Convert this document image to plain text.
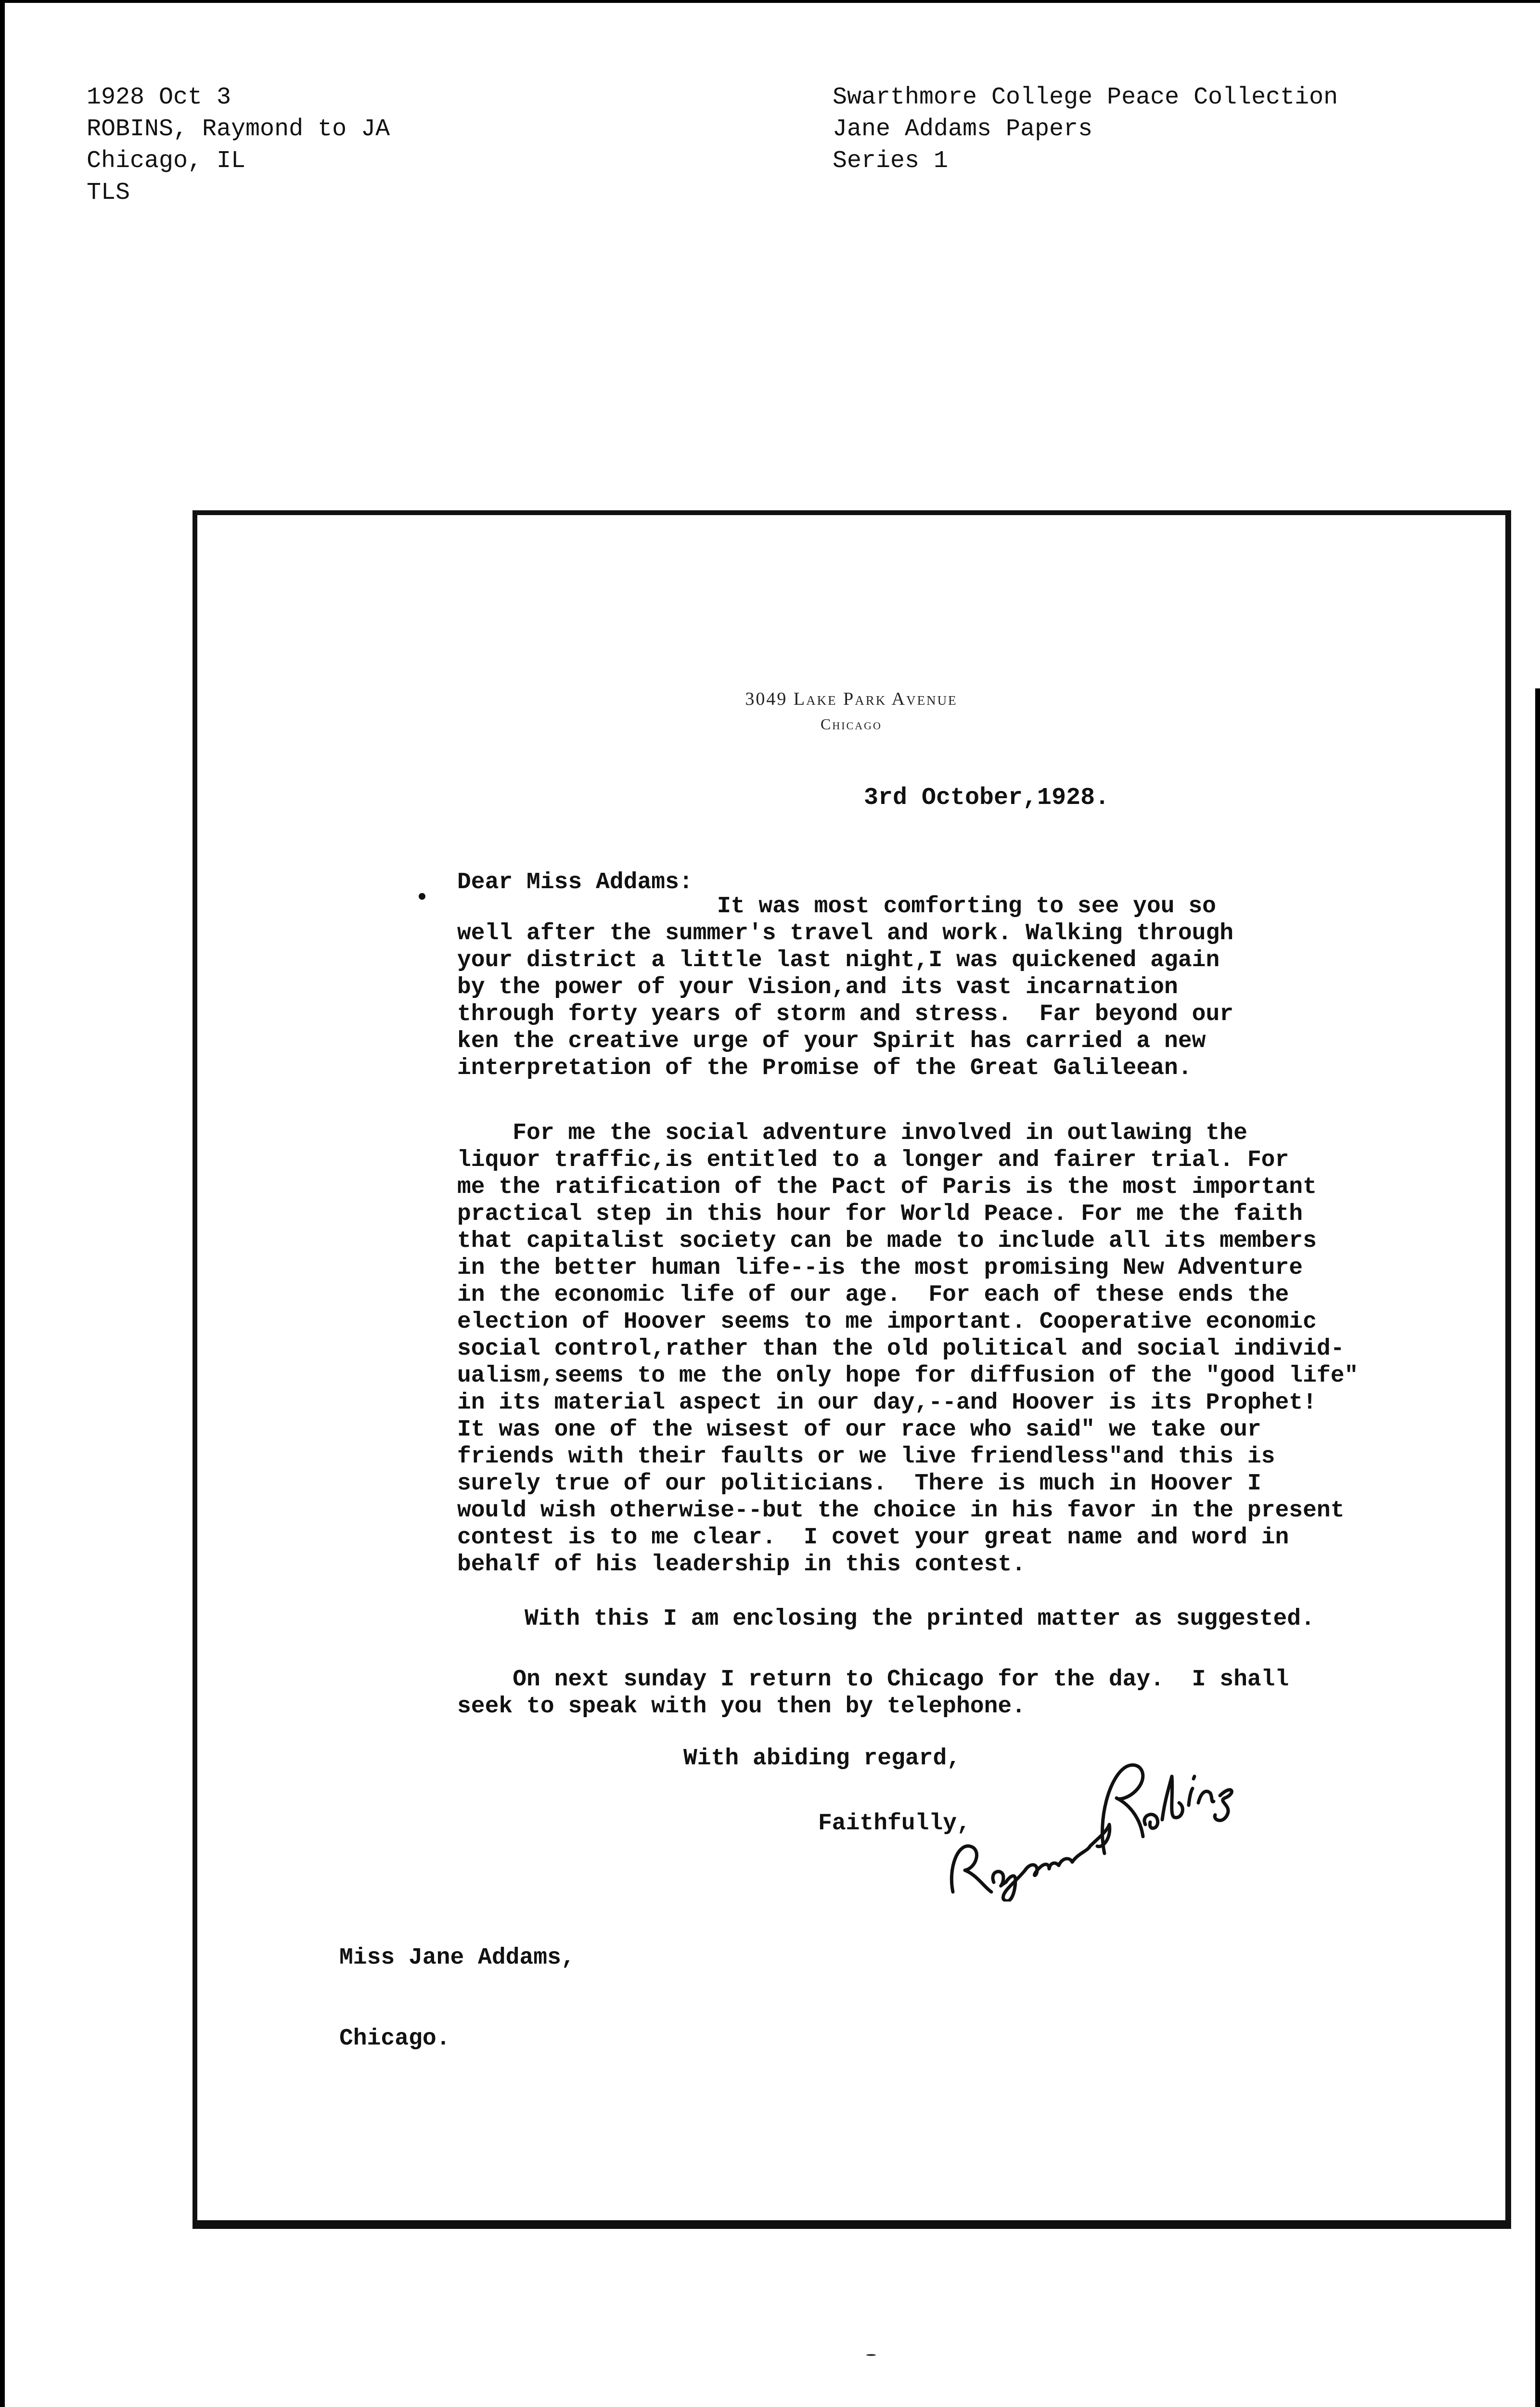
1928 Oct 3
ROBINS, Raymond to JA
Chicago, IL
TLS
Swarthmore College Peace Collection
Jane Addams Papers
Series 1
3049 Lake Park Avenue
Chicago
3rd October,1928.
Dear Miss Addams:
It was most comforting to see you so
well after the summer's travel and work. Walking through
your district a little last night,I was quickened again
by the power of your Vision,and its vast incarnation
through forty years of storm and stress.  Far beyond our
ken the creative urge of your Spirit has carried a new
interpretation of the Promise of the Great Galileean.
For me the social adventure involved in outlawing the
liquor traffic,is entitled to a longer and fairer trial. For
me the ratification of the Pact of Paris is the most important
practical step in this hour for World Peace. For me the faith
that capitalist society can be made to include all its members
in the better human life--is the most promising New Adventure
in the economic life of our age.  For each of these ends the
election of Hoover seems to me important. Cooperative economic
social control,rather than the old political and social individ-
ualism,seems to me the only hope for diffusion of the "good life"
in its material aspect in our day,--and Hoover is its Prophet!
It was one of the wisest of our race who said" we take our
friends with their faults or we live friendless"and this is
surely true of our politicians.  There is much in Hoover I
would wish otherwise--but the choice in his favor in the present
contest is to me clear.  I covet your great name and word in
behalf of his leadership in this contest.
With this I am enclosing the printed matter as suggested.
On next sunday I return to Chicago for the day.  I shall
seek to speak with you then by telephone.
With abiding regard,
Faithfully,

Miss Jane Addams,

Chicago.
